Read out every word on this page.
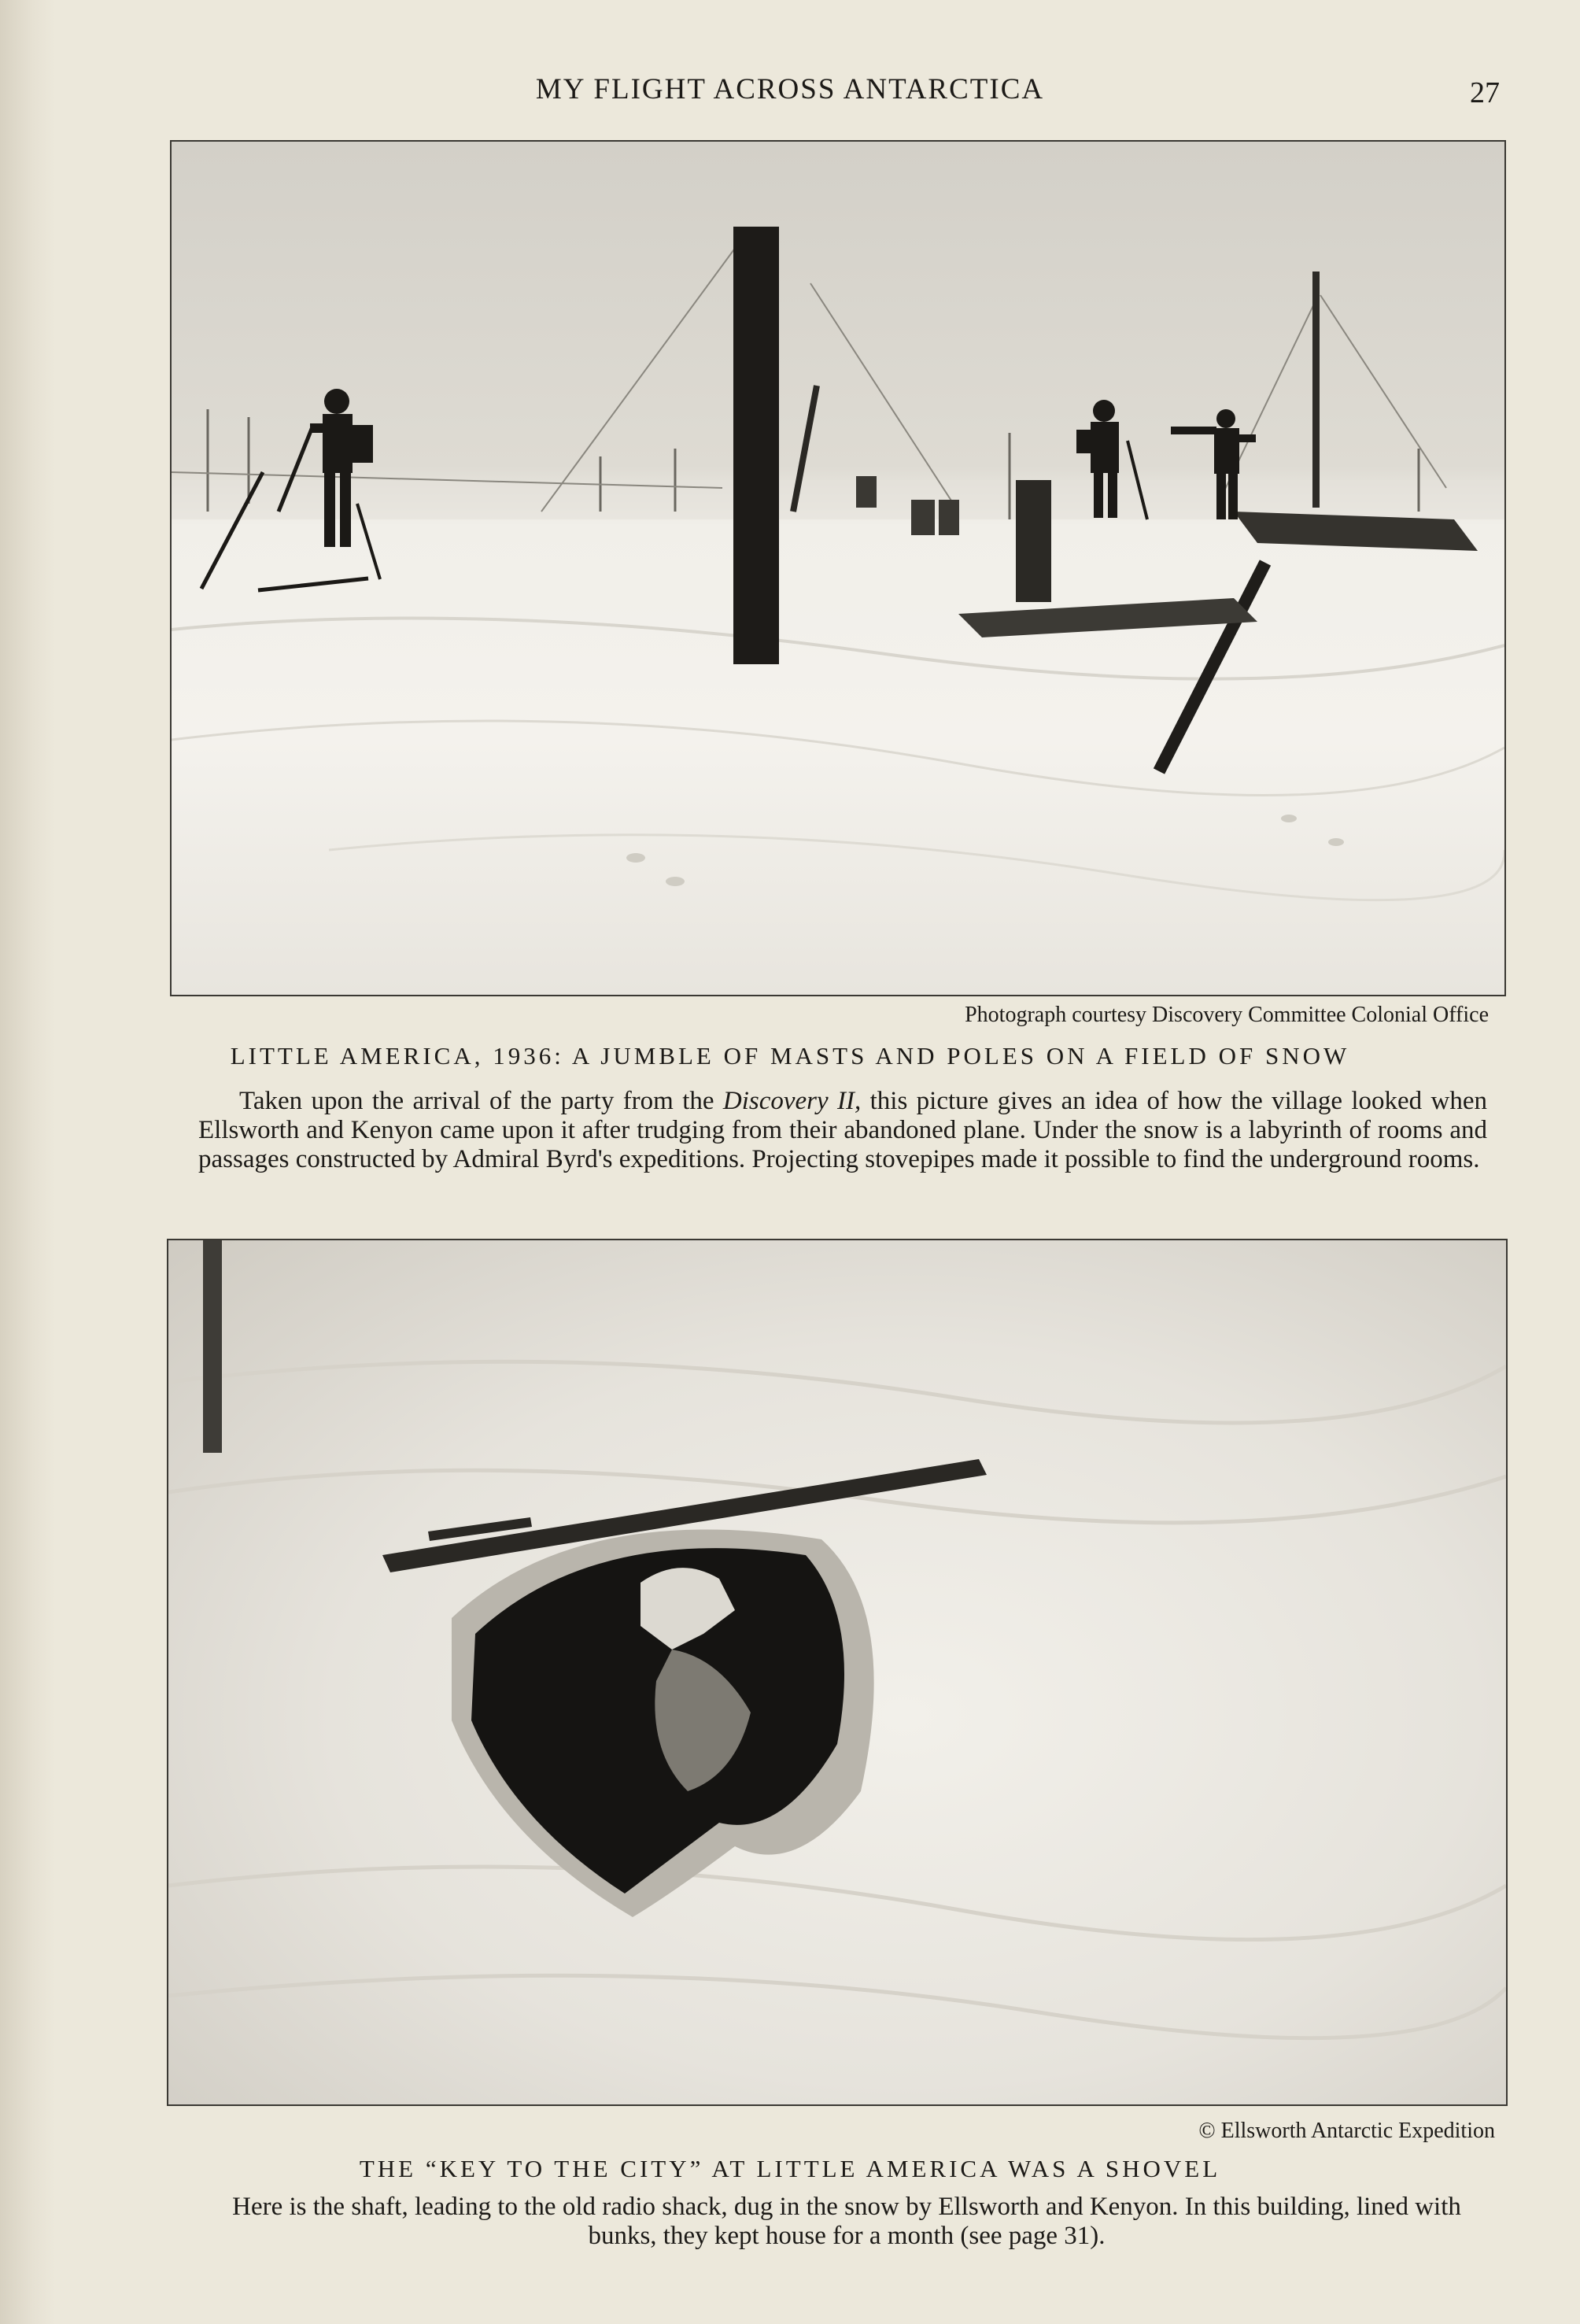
MY FLIGHT ACROSS ANTARCTICA	27
Photograph courtesy Discovery Committee Colonial Office
LITTLE AMERICA, 1936: A JUMBLE OF MASTS AND POLES ON A FIELD OF SNOW
Taken upon the arrival of the party from the Discovery II, this picture gives an idea of how the village looked when Ellsworth and Kenyon came upon it after trudging from their abandoned plane. Under the snow is a labyrinth of rooms and passages constructed by Admiral Byrd's expeditions. Projecting stovepipes made it possible to find the underground rooms.
© Ellsworth Antarctic Expedition
THE “KEY TO THE CITY” AT LITTLE AMERICA WAS A SHOVEL
Here is the shaft, leading to the old radio shack, dug in the snow by Ellsworth and Kenyon. In this building, lined with bunks, they kept house for a month (see page 31).
